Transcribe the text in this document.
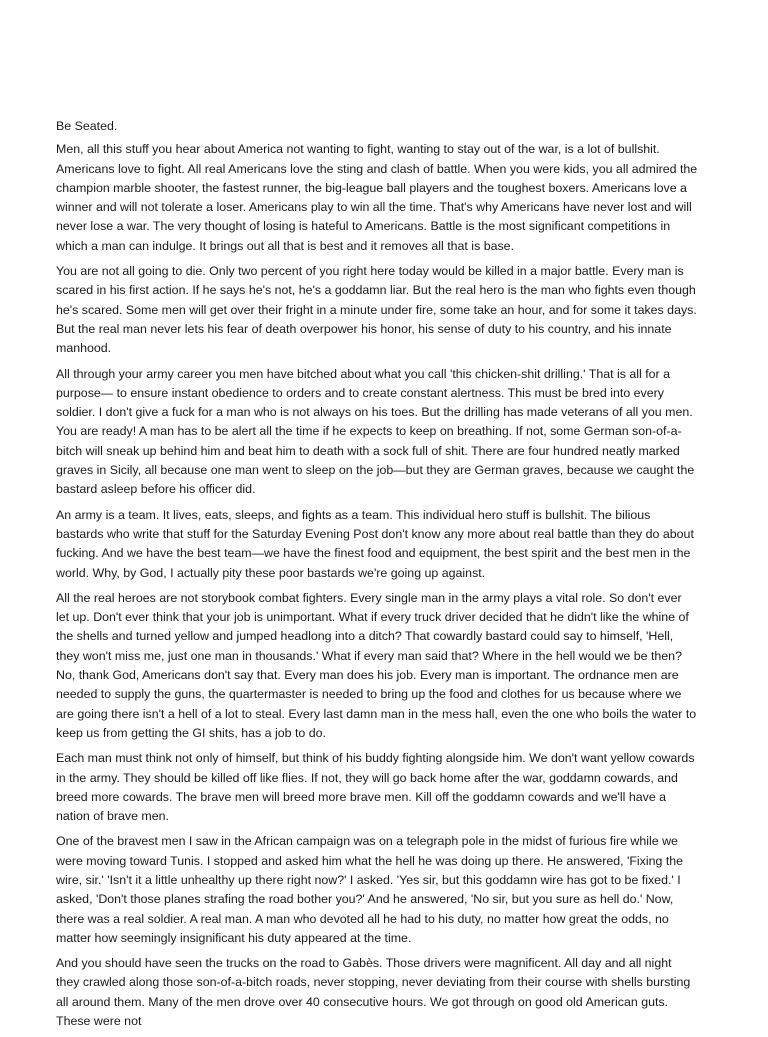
Be Seated.

Men, all this stuff you hear about America not wanting to fight, wanting to stay out of the war, is a lot of bullshit. Americans love to fight. All real Americans love the sting and clash of battle. When you were kids, you all admired the champion marble shooter, the fastest runner, the big-league ball players and the toughest boxers. Americans love a winner and will not tolerate a loser. Americans play to win all the time. That's why Americans have never lost and will never lose a war. The very thought of losing is hateful to Americans. Battle is the most significant competitions in which a man can indulge. It brings out all that is best and it removes all that is base.

You are not all going to die. Only two percent of you right here today would be killed in a major battle. Every man is scared in his first action. If he says he's not, he's a goddamn liar. But the real hero is the man who fights even though he's scared. Some men will get over their fright in a minute under fire, some take an hour, and for some it takes days. But the real man never lets his fear of death overpower his honor, his sense of duty to his country, and his innate manhood.

All through your army career you men have bitched about what you call 'this chicken-shit drilling.' That is all for a purpose— to ensure instant obedience to orders and to create constant alertness. This must be bred into every soldier. I don't give a fuck for a man who is not always on his toes. But the drilling has made veterans of all you men. You are ready! A man has to be alert all the time if he expects to keep on breathing. If not, some German son-of-a-bitch will sneak up behind him and beat him to death with a sock full of shit. There are four hundred neatly marked graves in Sicily, all because one man went to sleep on the job—but they are German graves, because we caught the bastard asleep before his officer did.

An army is a team. It lives, eats, sleeps, and fights as a team. This individual hero stuff is bullshit. The bilious bastards who write that stuff for the Saturday Evening Post don't know any more about real battle than they do about fucking. And we have the best team—we have the finest food and equipment, the best spirit and the best men in the world. Why, by God, I actually pity these poor bastards we're going up against.

All the real heroes are not storybook combat fighters. Every single man in the army plays a vital role. So don't ever let up. Don't ever think that your job is unimportant. What if every truck driver decided that he didn't like the whine of the shells and turned yellow and jumped headlong into a ditch? That cowardly bastard could say to himself, 'Hell, they won't miss me, just one man in thousands.' What if every man said that? Where in the hell would we be then? No, thank God, Americans don't say that. Every man does his job. Every man is important. The ordnance men are needed to supply the guns, the quartermaster is needed to bring up the food and clothes for us because where we are going there isn't a hell of a lot to steal. Every last damn man in the mess hall, even the one who boils the water to keep us from getting the GI shits, has a job to do.

Each man must think not only of himself, but think of his buddy fighting alongside him. We don't want yellow cowards in the army. They should be killed off like flies. If not, they will go back home after the war, goddamn cowards, and breed more cowards. The brave men will breed more brave men. Kill off the goddamn cowards and we'll have a nation of brave men.

One of the bravest men I saw in the African campaign was on a telegraph pole in the midst of furious fire while we were moving toward Tunis. I stopped and asked him what the hell he was doing up there. He answered, 'Fixing the wire, sir.' 'Isn't it a little unhealthy up there right now?' I asked. 'Yes sir, but this goddamn wire has got to be fixed.' I asked, 'Don't those planes strafing the road bother you?' And he answered, 'No sir, but you sure as hell do.' Now, there was a real soldier. A real man. A man who devoted all he had to his duty, no matter how great the odds, no matter how seemingly insignificant his duty appeared at the time.

And you should have seen the trucks on the road to Gabès. Those drivers were magnificent. All day and all night they crawled along those son-of-a-bitch roads, never stopping, never deviating from their course with shells bursting all around them. Many of the men drove over 40 consecutive hours. We got through on good old American guts. These were not
